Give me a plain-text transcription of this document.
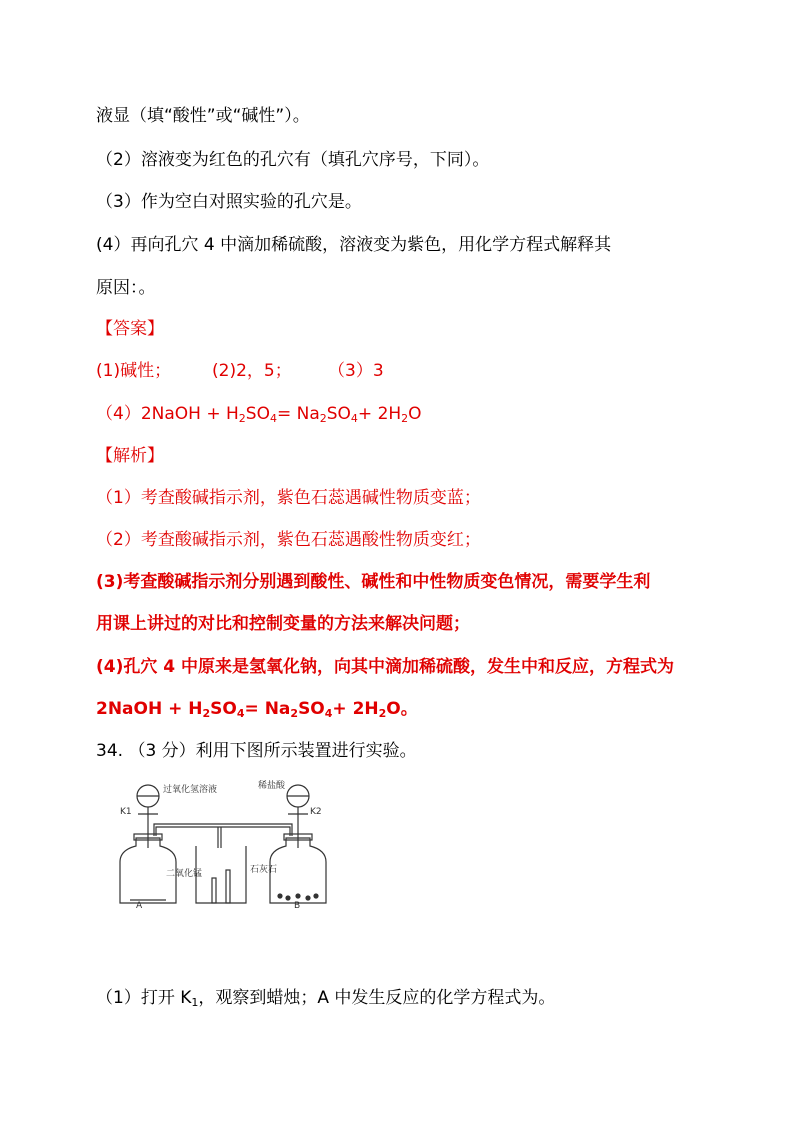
液显（填“酸性”或“碱性”）。
（2）溶液变为红色的孔穴有（填孔穴序号，下同）。
（3）作为空白对照实验的孔穴是。
(4）再向孔穴 4 中滴加稀硫酸，溶液变为紫色，用化学方程式解释其
原因：。
【答案】
(1)碱性； (2)2，5； （3）3
（4）2NaOH + $H_2SO_4= Na_2SO_4+ 2H_2O$
【解析】
（1）考查酸碱指示剂，紫色石蕊遇碱性物质变蓝；
（2）考查酸碱指示剂，紫色石蕊遇酸性物质变红；
(3)考查酸碱指示剂分别遇到酸性、碱性和中性物质变色情况，需要学生利
用课上讲过的对比和控制变量的方法来解决问题；
(4)孔穴 4 中原来是氢氧化钠，向其中滴加稀硫酸，发生中和反应，方程式为
2NaOH + $H_2SO_4= Na_2SO_4+ 2H_2O$。
34. （3 分）利用下图所示装置进行实验。
过氧化氢溶液	稀盐酸
K1	K2
二氧化锰	石灰石
A	B
（1）打开 $K_1$，观察到蜡烛；A 中发生反应的化学方程式为。
